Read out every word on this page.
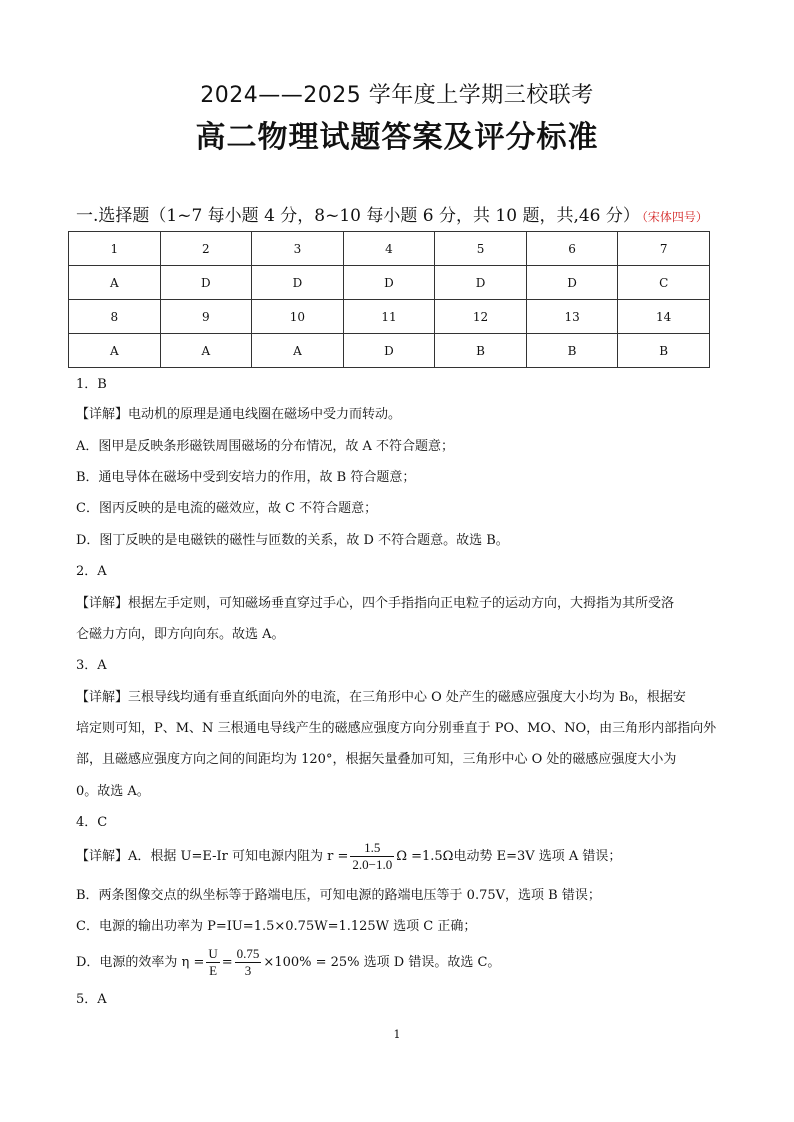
2024——2025 学年度上学期三校联考
高二物理试题答案及评分标准
一.选择题（1~7 每小题 4 分，8~10 每小题 6 分，共 10 题，共,46 分） （宋体四号）
1	2	3	4	5	6	7
A	D	D	D	D	D	C
8	9	10	11	12	13	14
A	A	A	D	B	B	B
1．B
【详解】电动机的原理是通电线圈在磁场中受力而转动。
A．图甲是反映条形磁铁周围磁场的分布情况，故 A 不符合题意；
B．通电导体在磁场中受到安培力的作用，故 B 符合题意；
C．图丙反映的是电流的磁效应，故 C 不符合题意；
D．图丁反映的是电磁铁的磁性与匝数的关系，故 D 不符合题意。故选 B。
2．A
【详解】根据左手定则，可知磁场垂直穿过手心，四个手指指向正电粒子的运动方向，大拇指为其所受洛
仑磁力方向，即方向向东。故选 A。
3．A
【详解】三根导线均通有垂直纸面向外的电流，在三角形中心 O 处产生的磁感应强度大小均为 B₀，根据安
培定则可知，P、M、N 三根通电导线产生的磁感应强度方向分别垂直于 PO、MO、NO，由三角形内部指向外
部，且磁感应强度方向之间的间距均为 120°，根据矢量叠加可知，三角形中心 O 处的磁感应强度大小为
0。故选 A。
4．C
【详解】A．根据 U=E-Ir 可知电源内阻为 $r = \frac{1.5}{2.0-1.0}$ Ω =1.5Ω电动势 E=3V 选项 A 错误；
B．两条图像交点的纵坐标等于路端电压，可知电源的路端电压等于 0.75V，选项 B 错误；
C．电源的输出功率为 P=IU=1.5×0.75W=1.125W 选项 C 正确；
D．电源的效率为 $\eta = \frac{U}{E} = \frac{0.75}{3} \times 100\% = 25\%$ 选项 D 错误。故选 C。
5．A
1
